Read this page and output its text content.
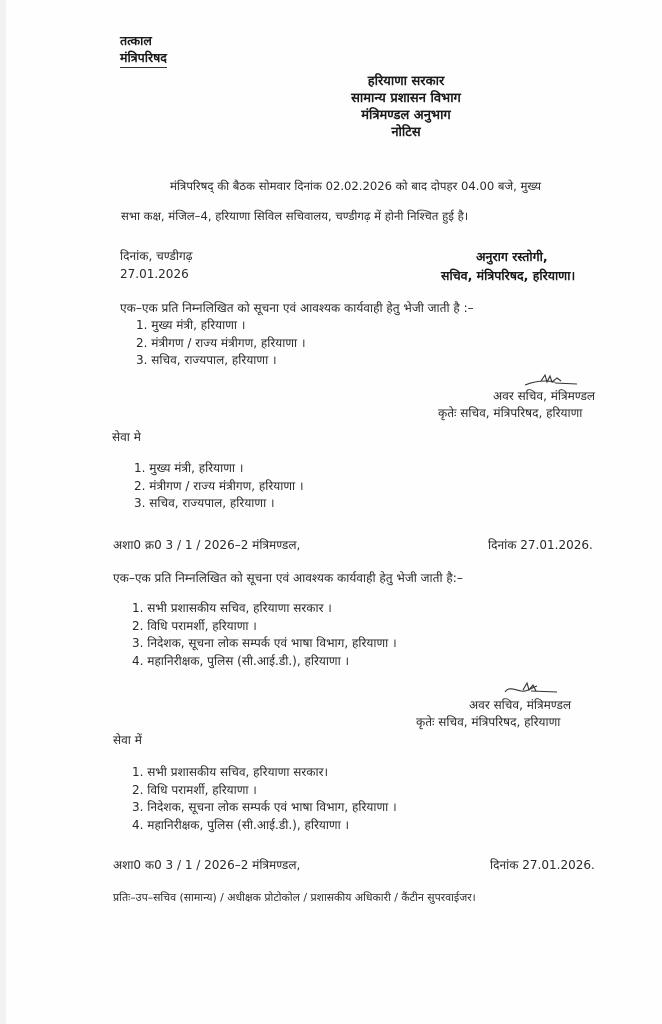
तत्काल
मंत्रिपरिषद
हरियाणा सरकार
सामान्य प्रशासन विभाग
मंत्रिमण्डल अनुभाग
नोटिस
मंत्रिपरिषद् की बैठक सोमवार दिनांक 02.02.2026 को बाद दोपहर 04.00 बजे, मुख्य
सभा कक्ष, मंजिल–4, हरियाणा सिविल सचिवालय, चण्डीगढ़ में होनी निश्चित हुई है।
दिनांक, चण्डीगढ़
27.01.2026
अनुराग रस्तोगी,
सचिव, मंत्रिपरिषद, हरियाणा।
एक–एक प्रति निम्नलिखित को सूचना एवं आवश्यक कार्यवाही हेतु भेजी जाती है :–
1. मुख्य मंत्री, हरियाणा ।
2. मंत्रीगण / राज्य मंत्रीगण, हरियाणा ।
3. सचिव, राज्यपाल, हरियाणा ।
अवर सचिव, मंत्रिमण्डल
कृतेः सचिव, मंत्रिपरिषद, हरियाणा
सेवा मे
1. मुख्य मंत्री, हरियाणा ।
2. मंत्रीगण / राज्य मंत्रीगण, हरियाणा ।
3. सचिव, राज्यपाल, हरियाणा ।
अशा0 क्र0 3 / 1 / 2026–2 मंत्रिमण्डल,	दिनांक 27.01.2026.
एक–एक प्रति निम्नलिखित को सूचना एवं आवश्यक कार्यवाही हेतु भेजी जाती है:–
1. सभी प्रशासकीय सचिव, हरियाणा सरकार ।
2. विधि परामर्शी, हरियाणा ।
3. निदेशक, सूचना लोक सम्पर्क एवं भाषा विभाग, हरियाणा ।
4. महानिरीक्षक, पुलिस (सी.आई.डी.), हरियाणा ।
अवर सचिव, मंत्रिमण्डल
कृतेः सचिव, मंत्रिपरिषद, हरियाणा
सेवा में
1. सभी प्रशासकीय सचिव, हरियाणा सरकार।
2. विधि परामर्शी, हरियाणा ।
3. निदेशक, सूचना लोक सम्पर्क एवं भाषा विभाग, हरियाणा ।
4. महानिरीक्षक, पुलिस (सी.आई.डी.), हरियाणा ।
अशा0 क0 3 / 1 / 2026–2 मंत्रिमण्डल,	दिनांक 27.01.2026.
प्रतिः–उप–सचिव (सामान्य) / अधीक्षक प्रोटोकोल / प्रशासकीय अधिकारी / कैंटीन सुपरवाईजर।
